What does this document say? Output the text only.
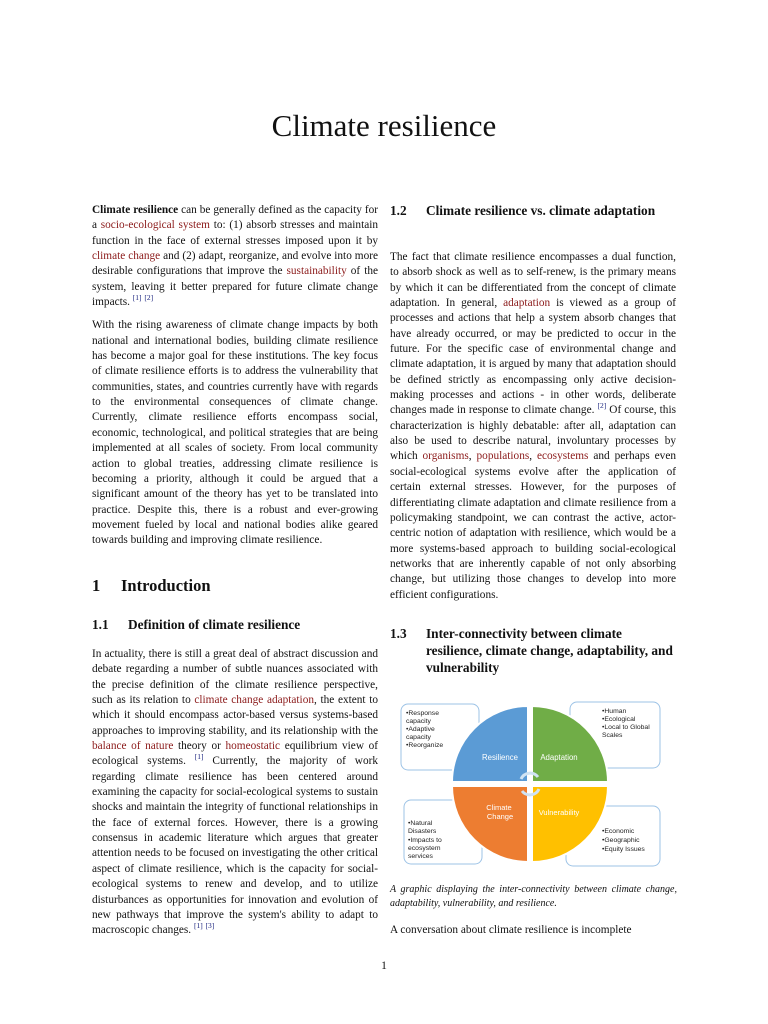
Climate resilience

Climate resilience can be generally defined as the capacity for a socio-ecological system to: (1) absorb stresses and maintain function in the face of external stresses imposed upon it by climate change and (2) adapt, reorganize, and evolve into more desirable configurations that improve the sustainability of the system, leaving it better prepared for future climate change impacts. [1] [2]

With the rising awareness of climate change impacts by both national and international bodies, building climate resilience has become a major goal for these institutions. The key focus of climate resilience efforts is to address the vulnerability that communities, states, and countries currently have with regards to the environmental consequences of climate change. Currently, climate resilience efforts encompass social, economic, technological, and political strategies that are being implemented at all scales of society. From local community action to global treaties, addressing climate resilience is becoming a priority, although it could be argued that a significant amount of the theory has yet to be translated into practice. Despite this, there is a robust and ever-growing movement fueled by local and national bodies alike geared towards building and improving climate resilience.

1 Introduction
1.1 Definition of climate resilience

In actuality, there is still a great deal of abstract discussion and debate regarding a number of subtle nuances associated with the precise definition of the climate resilience perspective, such as its relation to climate change adaptation, the extent to which it should encompass actor-based versus systems-based approaches to improving stability, and its relationship with the balance of nature theory or homeostatic equilibrium view of ecological systems. [1] Currently, the majority of work regarding climate resilience has been centered around examining the capacity for social-ecological systems to sustain shocks and maintain the integrity of functional relationships in the face of external forces. However, there is a growing consensus in academic literature which argues that greater attention needs to be focused on investigating the other critical aspect of climate resilience, which is the capacity for social-ecological systems to renew and develop, and to utilize disturbances as opportunities for innovation and evolution of new pathways that improve the system's ability to adapt to macroscopic changes. [1] [3]

1.2 Climate resilience vs. climate adaptation

The fact that climate resilience encompasses a dual function, to absorb shock as well as to self-renew, is the primary means by which it can be differentiated from the concept of climate adaptation. In general, adaptation is viewed as a group of processes and actions that help a system absorb changes that have already occurred, or may be predicted to occur in the future. For the specific case of environmental change and climate adaptation, it is argued by many that adaptation should be defined strictly as encompassing only active decision-making processes and actions - in other words, deliberate changes made in response to climate change. [2] Of course, this characterization is highly debatable: after all, adaptation can also be used to describe natural, involuntary processes by which organisms, populations, ecosystems and perhaps even social-ecological systems evolve after the application of certain external stresses. However, for the purposes of differentiating climate adaptation and climate resilience from a policymaking standpoint, we can contrast the active, actor-centric notion of adaptation with resilience, which would be a more systems-based approach to building social-ecological networks that are inherently capable of not only absorbing change, but utilizing those changes to develop into more efficient configurations.

1.3 Inter-connectivity between climate resilience, climate change, adaptability, and vulnerability
•Response capacity •Adaptive capacity •Reorganize
•Human •Ecological •Local to Global Scales
•Natural Disasters •Impacts to ecosystem services
•Economic •Geographic •Equity Issues
Resilience	Adaptation
Climate Change	Vulnerability
A graphic displaying the inter-connectivity between climate change, adaptability, vulnerability, and resilience.
A conversation about climate resilience is incomplete
1
